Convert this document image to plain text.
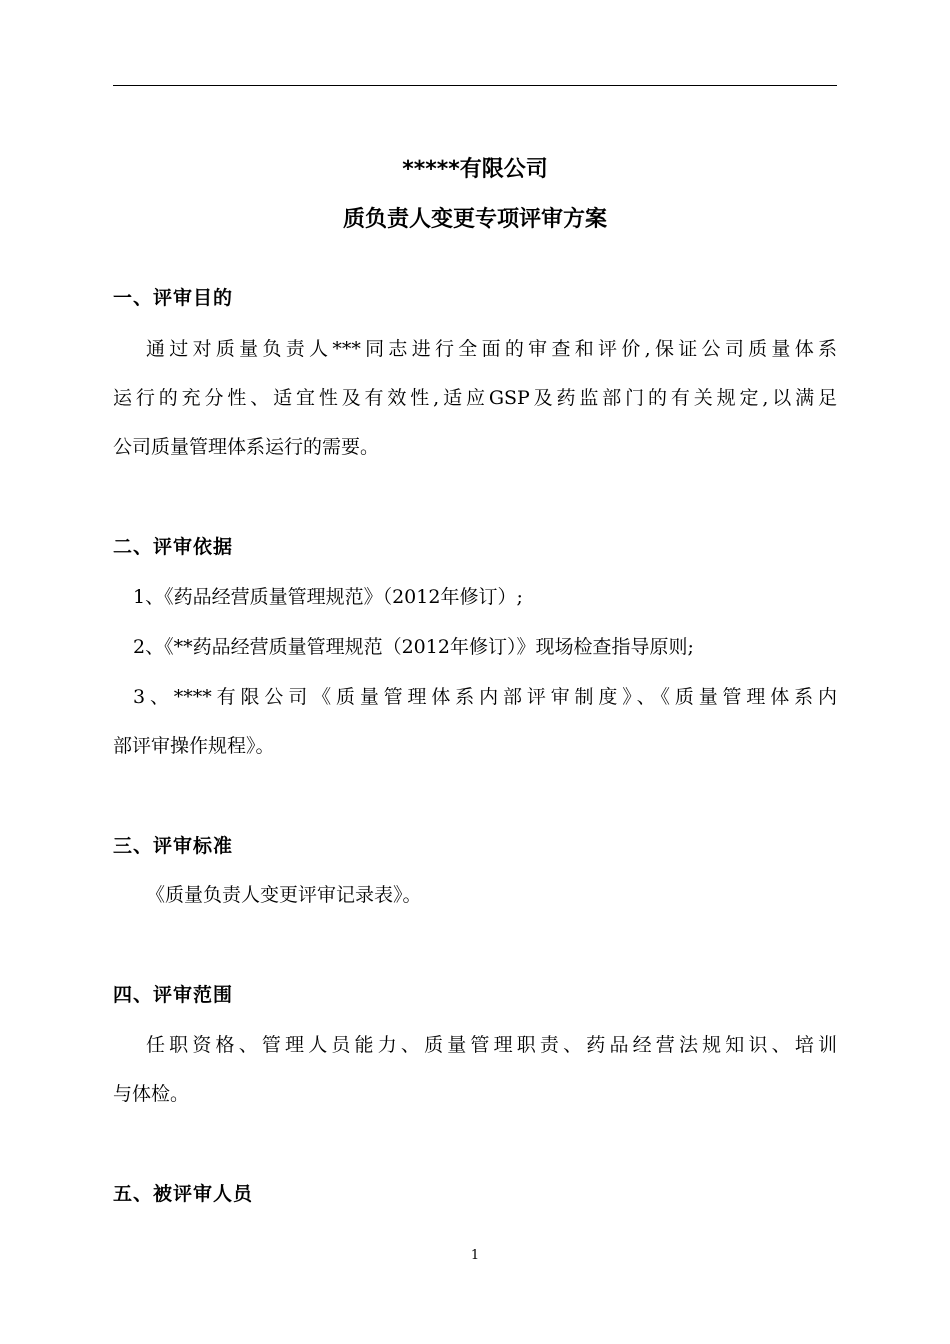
*****有限公司
质负责人变更专项评审方案
一、评审目的
通过对质量负责人***同志进行全面的审查和评价,保证公司质量体系
运行的充分性、适宜性及有效性,适应GSP及药监部门的有关规定,以满足
公司质量管理体系运行的需要。
二、评审依据
1、《药品经营质量管理规范》（2012年修订）;
2、《**药品经营质量管理规范（2012年修订）》现场检查指导原则;
3、****有限公司《质量管理体系内部评审制度》、《质量管理体系内
部评审操作规程》。
三、评审标准
《质量负责人变更评审记录表》。
四、评审范围
任职资格、管理人员能力、质量管理职责、药品经营法规知识、培训
与体检。
五、被评审人员
1
